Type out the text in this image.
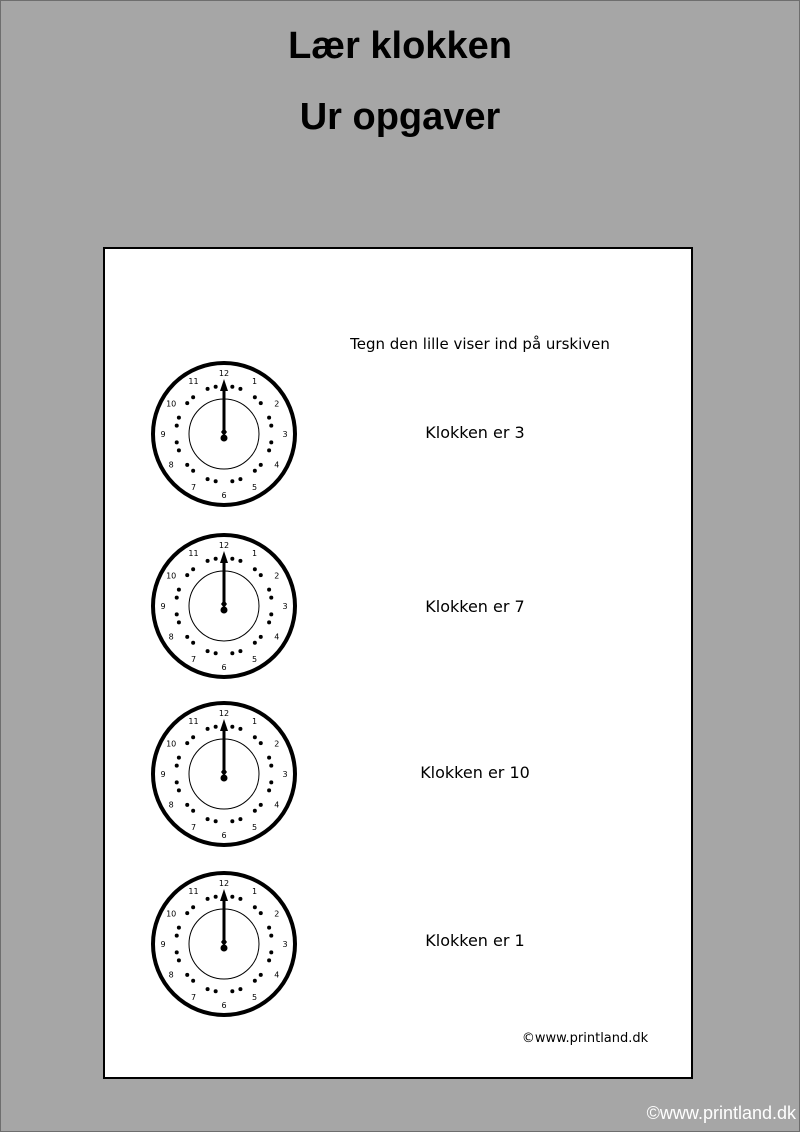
Lær klokken
Ur opgaver
Tegn den lille viser ind på urskiven
12
1
2
3
4
5
6
7
8
9
10
11
Klokken er 3
12
1
2
3
4
5
6
7
8
9
10
11
Klokken er 7
12
1
2
3
4
5
6
7
8
9
10
11
Klokken er 10
12
1
2
3
4
5
6
7
8
9
10
11
Klokken er 1
©www.printland.dk
©www.printland.dk
